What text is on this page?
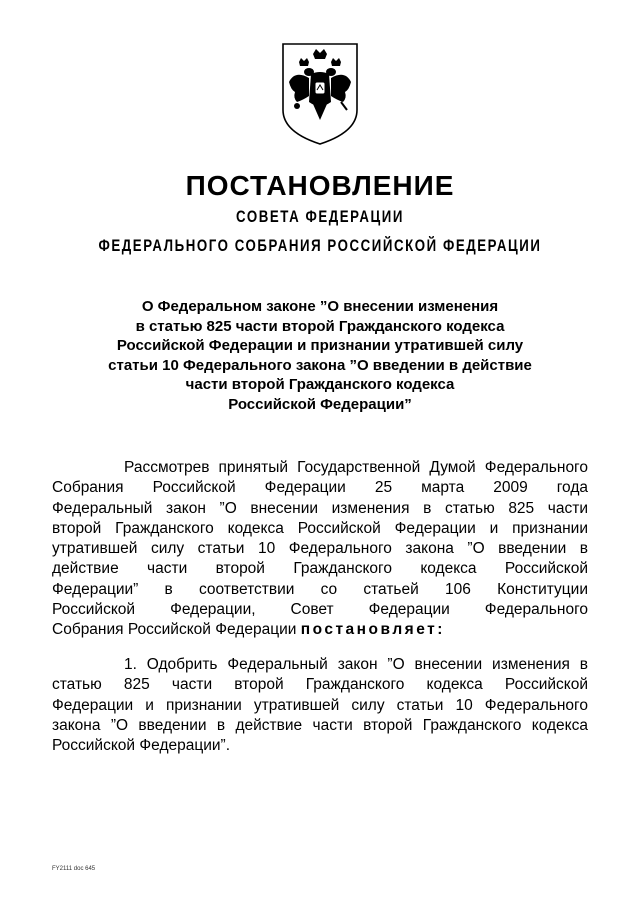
ПОСТАНОВЛЕНИЕ
СОВЕТА ФЕДЕРАЦИИ
ФЕДЕРАЛЬНОГО СОБРАНИЯ РОССИЙСКОЙ ФЕДЕРАЦИИ
О Федеральном законе ”О внесении изменения
в статью 825 части второй Гражданского кодекса
Российской Федерации и признании утратившей силу
статьи 10 Федерального закона ”О введении в действие
части второй Гражданского кодекса
Российской Федерации”
Рассмотрев принятый Государственной Думой Федерального
Собрания Российской Федерации 25 марта 2009 года
Федеральный закон ”О внесении изменения в статью 825 части
второй Гражданского кодекса Российской Федерации и признании
утратившей силу статьи 10 Федерального закона ”О введении в
действие части второй Гражданского кодекса Российской
Федерации” в соответствии со статьей 106 Конституции
Российской Федерации, Совет Федерации Федерального
Собрания Российской Федерации постановляет:
1. Одобрить Федеральный закон ”О внесении изменения в
статью 825 части второй Гражданского кодекса Российской
Федерации и признании утратившей силу статьи 10 Федерального
закона ”О введении в действие части второй Гражданского кодекса
Российской Федерации”.
FY2111 doc 645
